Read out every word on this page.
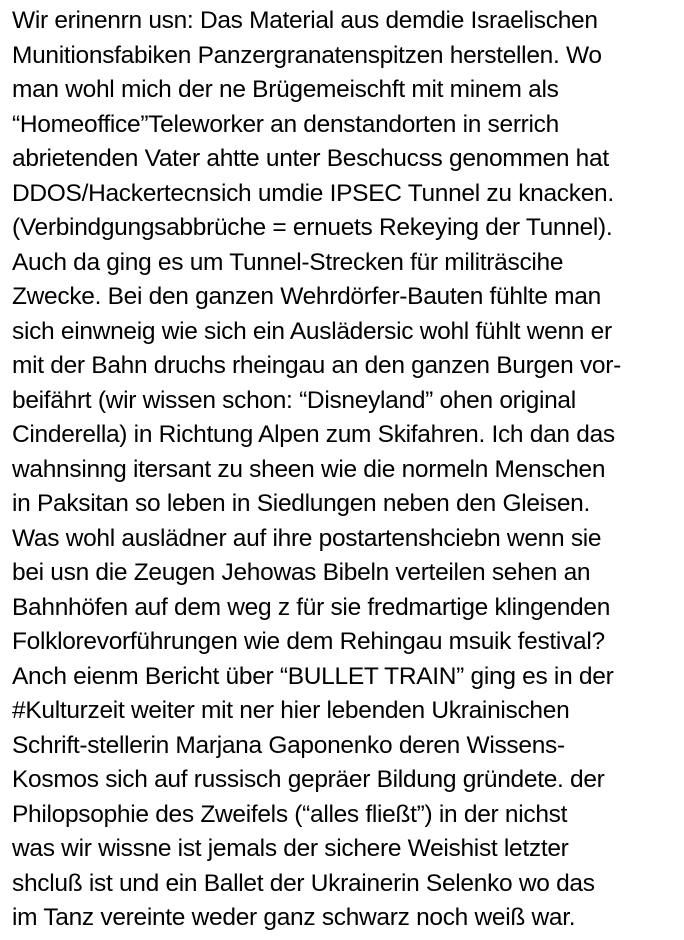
Wir erinenrn usn: Das Material aus demdie Israelischen
Munitionsfabiken Panzergranatenspitzen herstellen. Wo
man wohl mich der ne Brügemeischft mit minem als
“Homeoffice”Teleworker an denstandorten in serrich
abrietenden Vater ahtte unter Beschucss genommen hat
DDOS/Hackertecnsich umdie IPSEC Tunnel zu knacken.
(Verbindgungsabbrüche = ernuets Rekeying der Tunnel).
Auch da ging es um Tunnel-Strecken für militräscihe
Zwecke. Bei den ganzen Wehrdörfer-Bauten fühlte man
sich einwneig wie sich ein Auslädersic wohl fühlt wenn er
mit der Bahn druchs rheingau an den ganzen Burgen vor-
beifährt (wir wissen schon: “Disneyland” ohen original
Cinderella) in Richtung Alpen zum Skifahren. Ich dan das
wahnsinng itersant zu sheen wie die normeln Menschen
in Paksitan so leben in Siedlungen neben den Gleisen.
Was wohl auslädner auf ihre postartenshciebn wenn sie
bei usn die Zeugen Jehowas Bibeln verteilen sehen an
Bahnhöfen auf dem weg z für sie fredmartige klingenden
Folklorevorführungen wie dem Rehingau msuik festival?
Anch eienm Bericht über “BULLET TRAIN” ging es in der
#Kulturzeit weiter mit ner hier lebenden Ukrainischen
Schrift-stellerin Marjana Gaponenko deren Wissens-
Kosmos sich auf russisch gepräer Bildung gründete. der
Philopsophie des Zweifels (“alles fließt”) in der nichst
was wir wissne ist jemals der sichere Weishist letzter
shcluß ist und ein Ballet der Ukrainerin Selenko wo das
im Tanz vereinte weder ganz schwarz noch weiß war.
